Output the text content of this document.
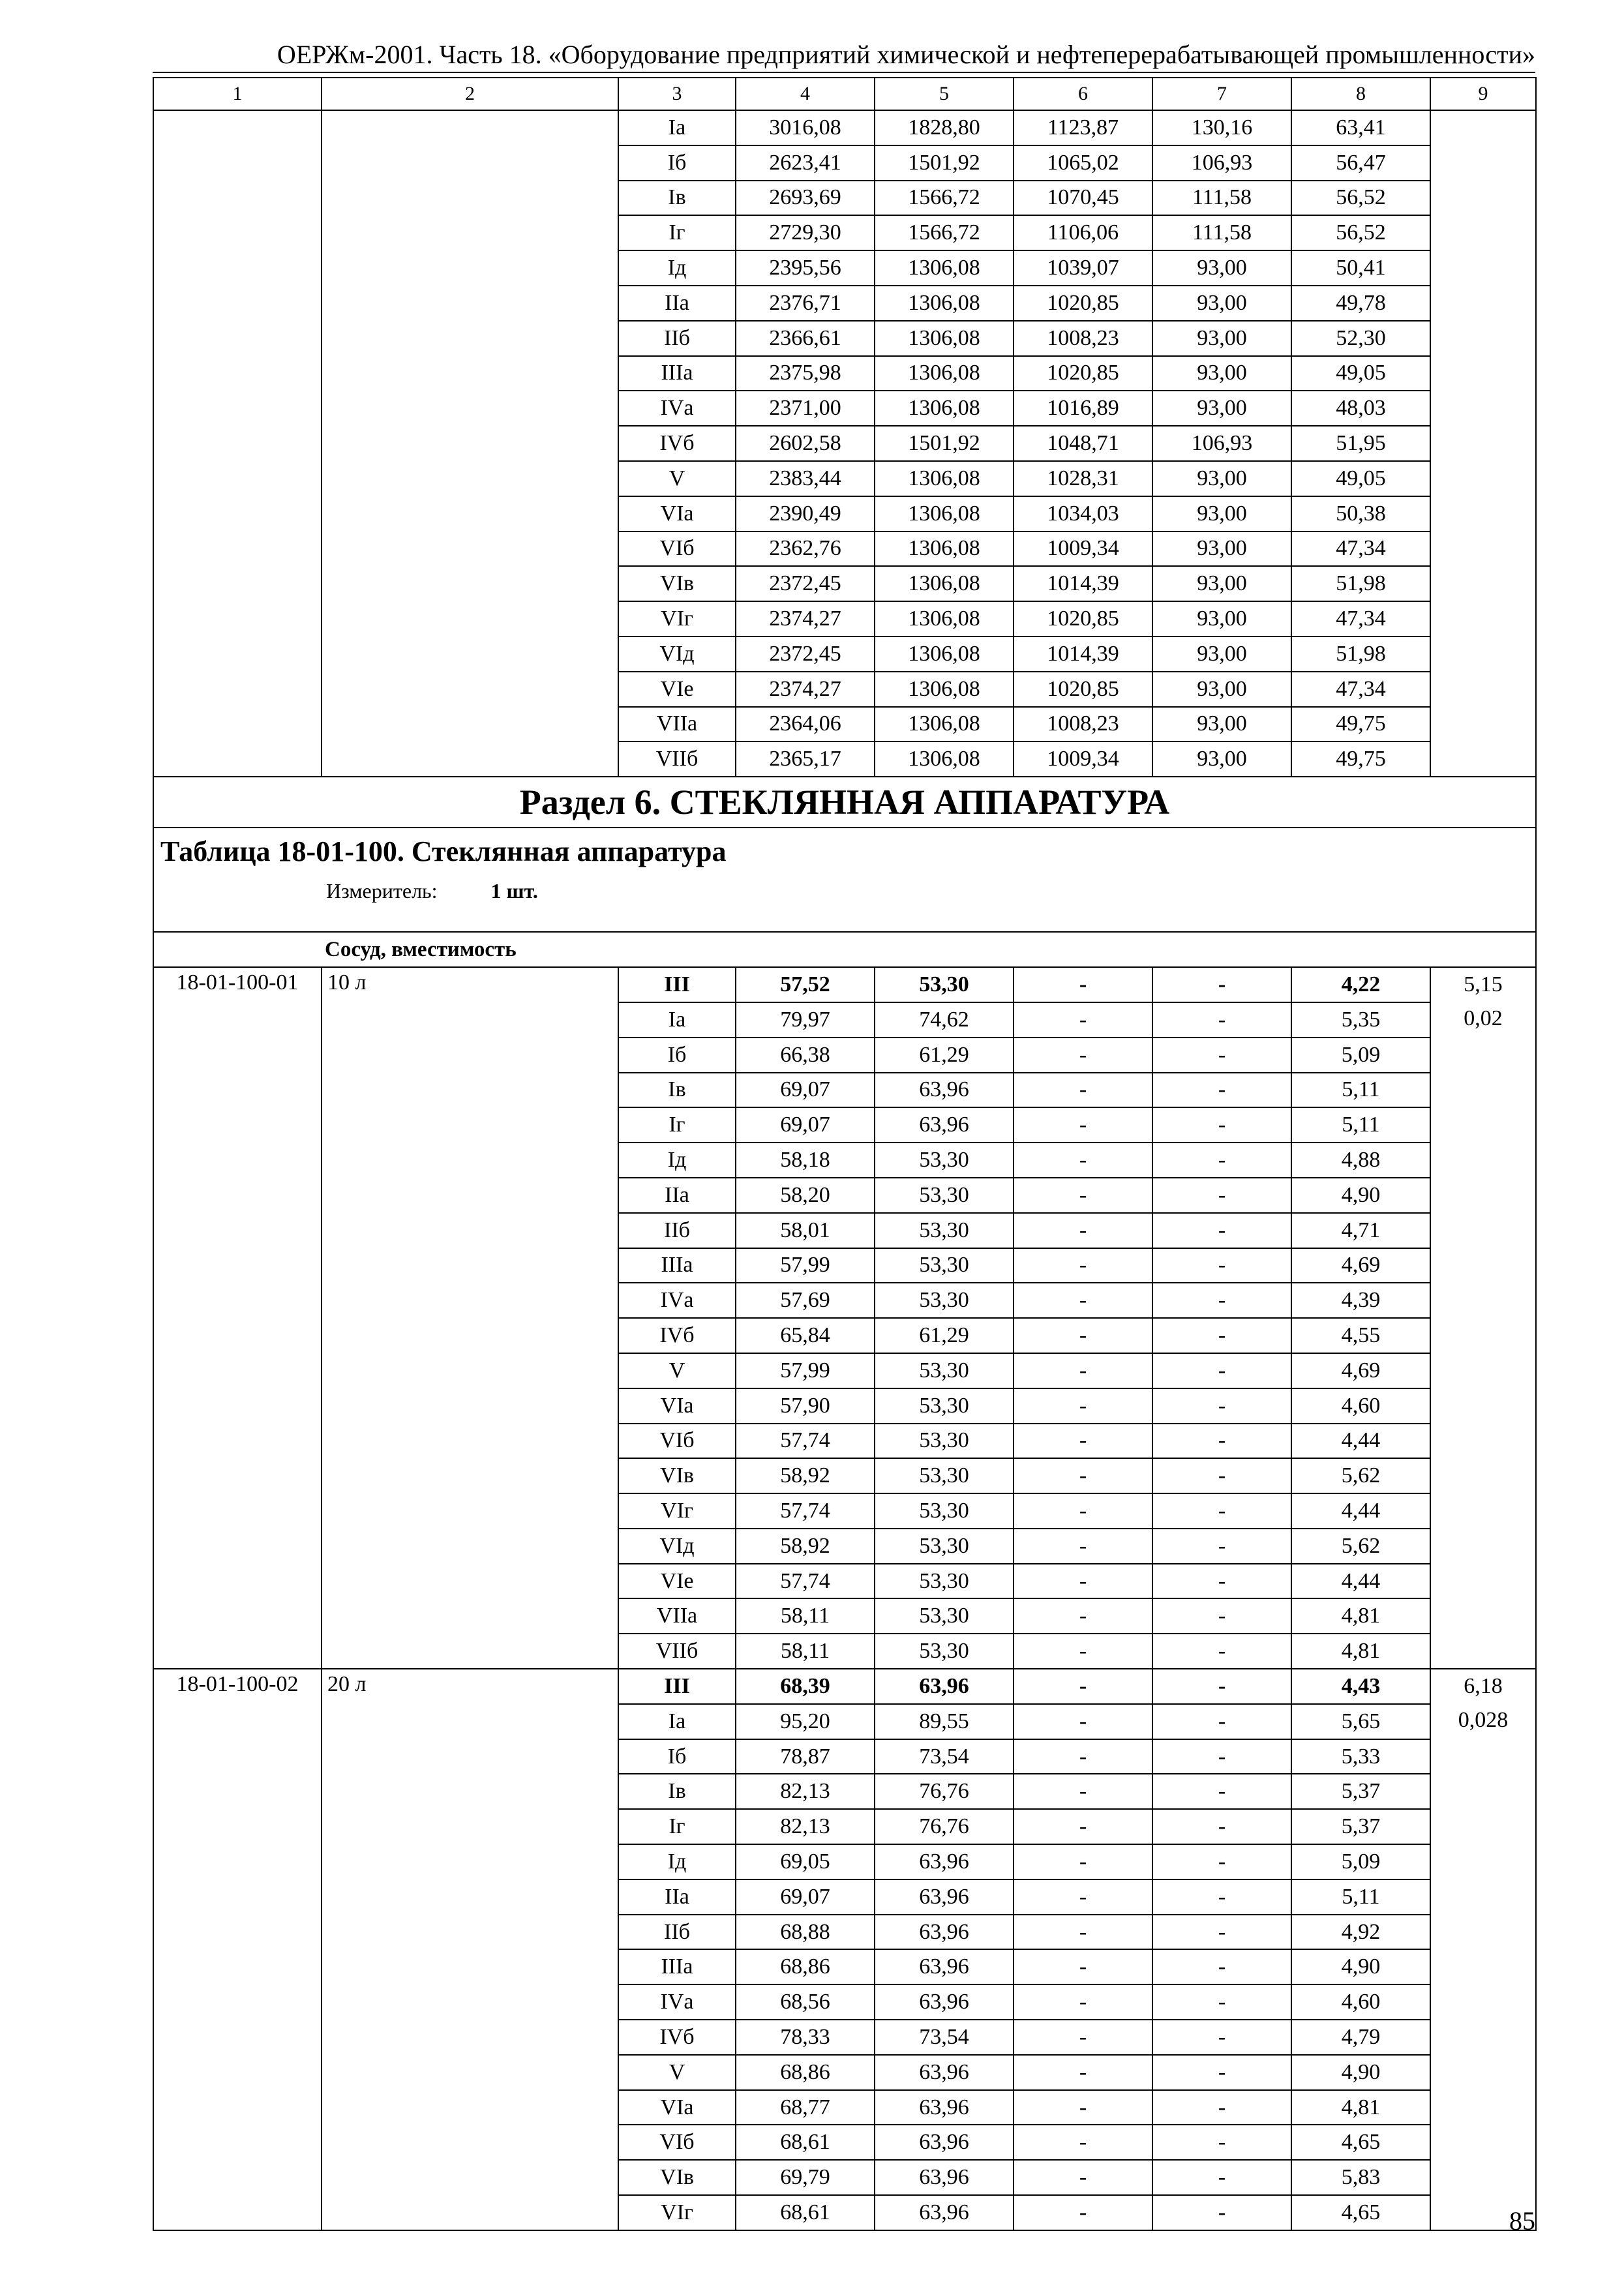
ОЕРЖм-2001. Часть 18. «Оборудование предприятий химической и нефтеперерабатывающей промышленности»
1	2	3	4	5	6	7	8	9
		Iа	3016,08	1828,80	1123,87	130,16	63,41	
		Iб	2623,41	1501,92	1065,02	106,93	56,47	
		Iв	2693,69	1566,72	1070,45	111,58	56,52	
		Iг	2729,30	1566,72	1106,06	111,58	56,52	
		Iд	2395,56	1306,08	1039,07	93,00	50,41	
		IIа	2376,71	1306,08	1020,85	93,00	49,78	
		IIб	2366,61	1306,08	1008,23	93,00	52,30	
		IIIа	2375,98	1306,08	1020,85	93,00	49,05	
		IVа	2371,00	1306,08	1016,89	93,00	48,03	
		IVб	2602,58	1501,92	1048,71	106,93	51,95	
		V	2383,44	1306,08	1028,31	93,00	49,05	
		VIа	2390,49	1306,08	1034,03	93,00	50,38	
		VIб	2362,76	1306,08	1009,34	93,00	47,34	
		VIв	2372,45	1306,08	1014,39	93,00	51,98	
		VIг	2374,27	1306,08	1020,85	93,00	47,34	
		VIд	2372,45	1306,08	1014,39	93,00	51,98	
		VIе	2374,27	1306,08	1020,85	93,00	47,34	
		VIIа	2364,06	1306,08	1008,23	93,00	49,75	
		VIIб	2365,17	1306,08	1009,34	93,00	49,75	
Раздел 6. СТЕКЛЯННАЯ АППАРАТУРА								

Таблица 18-01-100. Стеклянная аппаратура
Измеритель: 1 шт.								

Сосуд, вместимость								

18-01-100-01	10 л	III	57,52	53,30	-	-	4,22	5,15
0,02

		Iа	79,97	74,62	-	-	5,35	
		Iб	66,38	61,29	-	-	5,09	
		Iв	69,07	63,96	-	-	5,11	
		Iг	69,07	63,96	-	-	5,11	
		Iд	58,18	53,30	-	-	4,88	
		IIа	58,20	53,30	-	-	4,90	
		IIб	58,01	53,30	-	-	4,71	
		IIIа	57,99	53,30	-	-	4,69	
		IVа	57,69	53,30	-	-	4,39	
		IVб	65,84	61,29	-	-	4,55	
		V	57,99	53,30	-	-	4,69	
		VIа	57,90	53,30	-	-	4,60	
		VIб	57,74	53,30	-	-	4,44	
		VIв	58,92	53,30	-	-	5,62	
		VIг	57,74	53,30	-	-	4,44	
		VIд	58,92	53,30	-	-	5,62	
		VIе	57,74	53,30	-	-	4,44	
		VIIа	58,11	53,30	-	-	4,81	
		VIIб	58,11	53,30	-	-	4,81	
18-01-100-02	20 л	III	68,39	63,96	-	-	4,43	6,18
0,028

		Iа	95,20	89,55	-	-	5,65	
		Iб	78,87	73,54	-	-	5,33	
		Iв	82,13	76,76	-	-	5,37	
		Iг	82,13	76,76	-	-	5,37	
		Iд	69,05	63,96	-	-	5,09	
		IIа	69,07	63,96	-	-	5,11	
		IIб	68,88	63,96	-	-	4,92	
		IIIа	68,86	63,96	-	-	4,90	
		IVа	68,56	63,96	-	-	4,60	
		IVб	78,33	73,54	-	-	4,79	
		V	68,86	63,96	-	-	4,90	
		VIа	68,77	63,96	-	-	4,81	
		VIб	68,61	63,96	-	-	4,65	
		VIв	69,79	63,96	-	-	5,83	
		VIг	68,61	63,96	-	-	4,65		85
